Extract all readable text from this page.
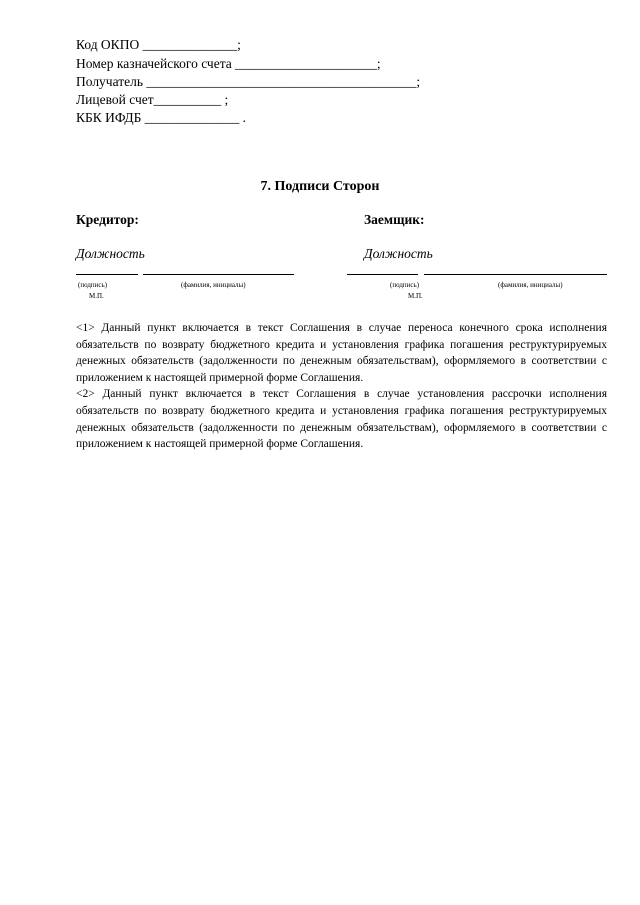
Код ОКПО ______________;
Номер казначейского счета _____________________;
Получатель ________________________________________;
Лицевой счет__________ ;
КБК ИФДБ ______________ .
7. Подписи Сторон
Кредитор:
Должность
(подпись)	(фамилия, инициалы)
М.П.
Заемщик:
Должность
(подпись)	(фамилия, инициалы)
М.П.
<1> Данный пункт включается в текст Соглашения в случае переноса конечного срока исполнения обязательств по возврату бюджетного кредита и установления графика погашения реструктурируемых денежных обязательств (задолженности по денежным обязательствам), оформляемого в соответствии с приложением к настоящей примерной форме Соглашения.
<2> Данный пункт включается в текст Соглашения в случае установления рассрочки исполнения обязательств по возврату бюджетного кредита и установления графика погашения реструктурируемых денежных обязательств (задолженности по денежным обязательствам), оформляемого в соответствии с приложением к настоящей примерной форме Соглашения.
